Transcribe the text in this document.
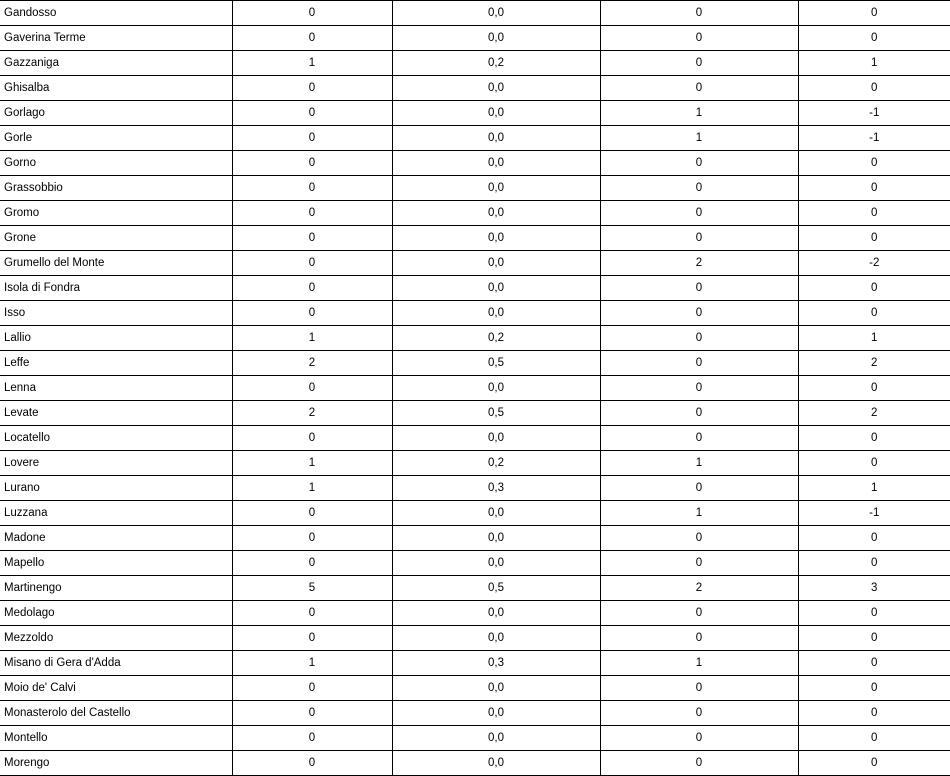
Gandosso	0	0,0	0	0
Gaverina Terme	0	0,0	0	0
Gazzaniga	1	0,2	0	1
Ghisalba	0	0,0	0	0
Gorlago	0	0,0	1	-1
Gorle	0	0,0	1	-1
Gorno	0	0,0	0	0
Grassobbio	0	0,0	0	0
Gromo	0	0,0	0	0
Grone	0	0,0	0	0
Grumello del Monte	0	0,0	2	-2
Isola di Fondra	0	0,0	0	0
Isso	0	0,0	0	0
Lallio	1	0,2	0	1
Leffe	2	0,5	0	2
Lenna	0	0,0	0	0
Levate	2	0,5	0	2
Locatello	0	0,0	0	0
Lovere	1	0,2	1	0
Lurano	1	0,3	0	1
Luzzana	0	0,0	1	-1
Madone	0	0,0	0	0
Mapello	0	0,0	0	0
Martinengo	5	0,5	2	3
Medolago	0	0,0	0	0
Mezzoldo	0	0,0	0	0
Misano di Gera d'Adda	1	0,3	1	0
Moio de' Calvi	0	0,0	0	0
Monasterolo del Castello	0	0,0	0	0
Montello	0	0,0	0	0
Morengo	0	0,0	0	0
